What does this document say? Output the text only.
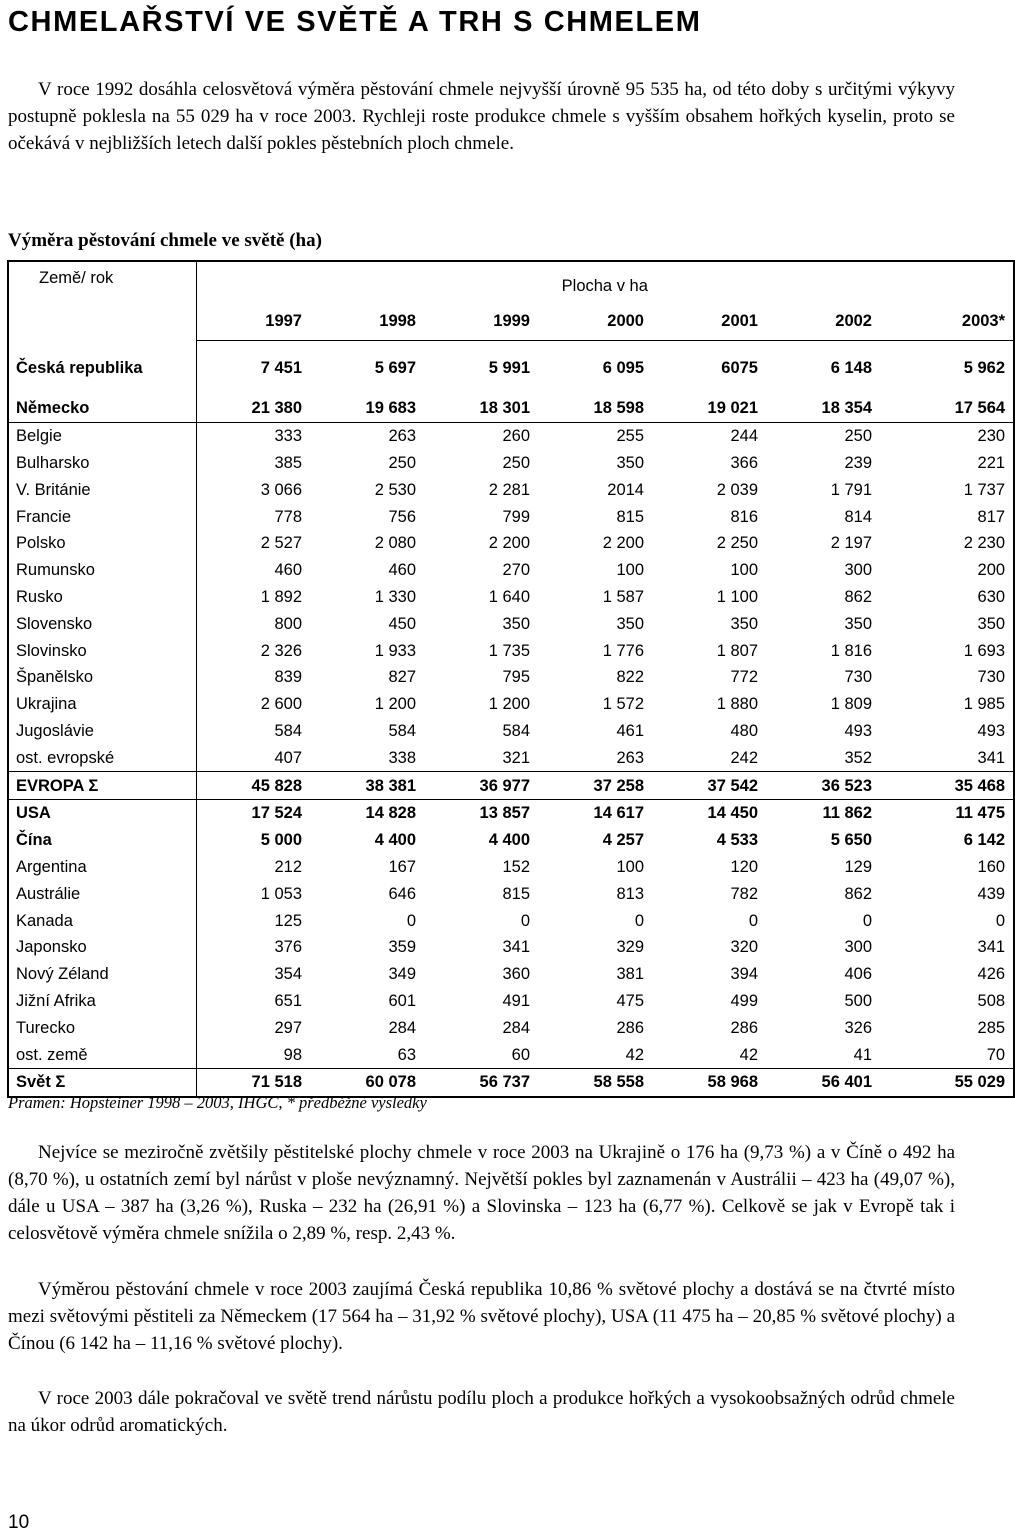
CHMELAŘSTVÍ VE SVĚTĚ A TRH S CHMELEM

V roce 1992 dosáhla celosvětová výměra pěstování chmele nejvyšší úrovně 95 535 ha, od této doby s určitými výkyvy postupně poklesla na 55 029 ha v roce 2003. Rychleji roste produkce chmele s vyšším obsahem hořkých kyselin, proto se očekává v nejbližších letech další pokles pěstebních ploch chmele.

Výměra pěstování chmele ve světě (ha)

Země/ rok	Plocha v ha						
	1997	1998	1999	2000	2001	2002	2003*
Česká republika	7 451	5 697	5 991	6 095	6075	6 148	5 962
Německo	21 380	19 683	18 301	18 598	19 021	18 354	17 564
Belgie	333	263	260	255	244	250	230
Bulharsko	385	250	250	350	366	239	221
V. Británie	3 066	2 530	2 281	2014	2 039	1 791	1 737
Francie	778	756	799	815	816	814	817
Polsko	2 527	2 080	2 200	2 200	2 250	2 197	2 230
Rumunsko	460	460	270	100	100	300	200
Rusko	1 892	1 330	1 640	1 587	1 100	862	630
Slovensko	800	450	350	350	350	350	350
Slovinsko	2 326	1 933	1 735	1 776	1 807	1 816	1 693
Španělsko	839	827	795	822	772	730	730
Ukrajina	2 600	1 200	1 200	1 572	1 880	1 809	1 985
Jugoslávie	584	584	584	461	480	493	493
ost. evropské	407	338	321	263	242	352	341
EVROPA Σ	45 828	38 381	36 977	37 258	37 542	36 523	35 468
USA	17 524	14 828	13 857	14 617	14 450	11 862	11 475
Čína	5 000	4 400	4 400	4 257	4 533	5 650	6 142
Argentina	212	167	152	100	120	129	160
Austrálie	1 053	646	815	813	782	862	439
Kanada	125	0	0	0	0	0	0
Japonsko	376	359	341	329	320	300	341
Nový Zéland	354	349	360	381	394	406	426
Jižní Afrika	651	601	491	475	499	500	508
Turecko	297	284	284	286	286	326	285
ost. země	98	63	60	42	42	41	70
Svět Σ	71 518	60 078	56 737	58 558	58 968	56 401	55 029

Pramen: Hopsteiner 1998 – 2003, IHGC, * předběžné výsledky

Nejvíce se meziročně zvětšily pěstitelské plochy chmele v roce 2003 na Ukrajině o 176 ha (9,73 %) a v Číně o 492 ha (8,70 %), u ostatních zemí byl nárůst v ploše nevýznamný. Největší pokles byl zaznamenán v Austrálii – 423 ha (49,07 %), dále u USA – 387 ha (3,26 %), Ruska – 232 ha (26,91 %) a Slovinska – 123 ha (6,77 %). Celkově se jak v Evropě tak i celosvětově výměra chmele snížila o 2,89 %, resp. 2,43 %.

Výměrou pěstování chmele v roce 2003 zaujímá Česká republika 10,86 % světové plochy a dostává se na čtvrté místo mezi světovými pěstiteli za Německem (17 564 ha – 31,92 % světové plochy), USA (11 475 ha – 20,85 % světové plochy) a Čínou (6 142 ha – 11,16 % světové plochy).

V roce 2003 dále pokračoval ve světě trend nárůstu podílu ploch a produkce hořkých a vysokoobsažných odrůd chmele na úkor odrůd aromatických.

10
